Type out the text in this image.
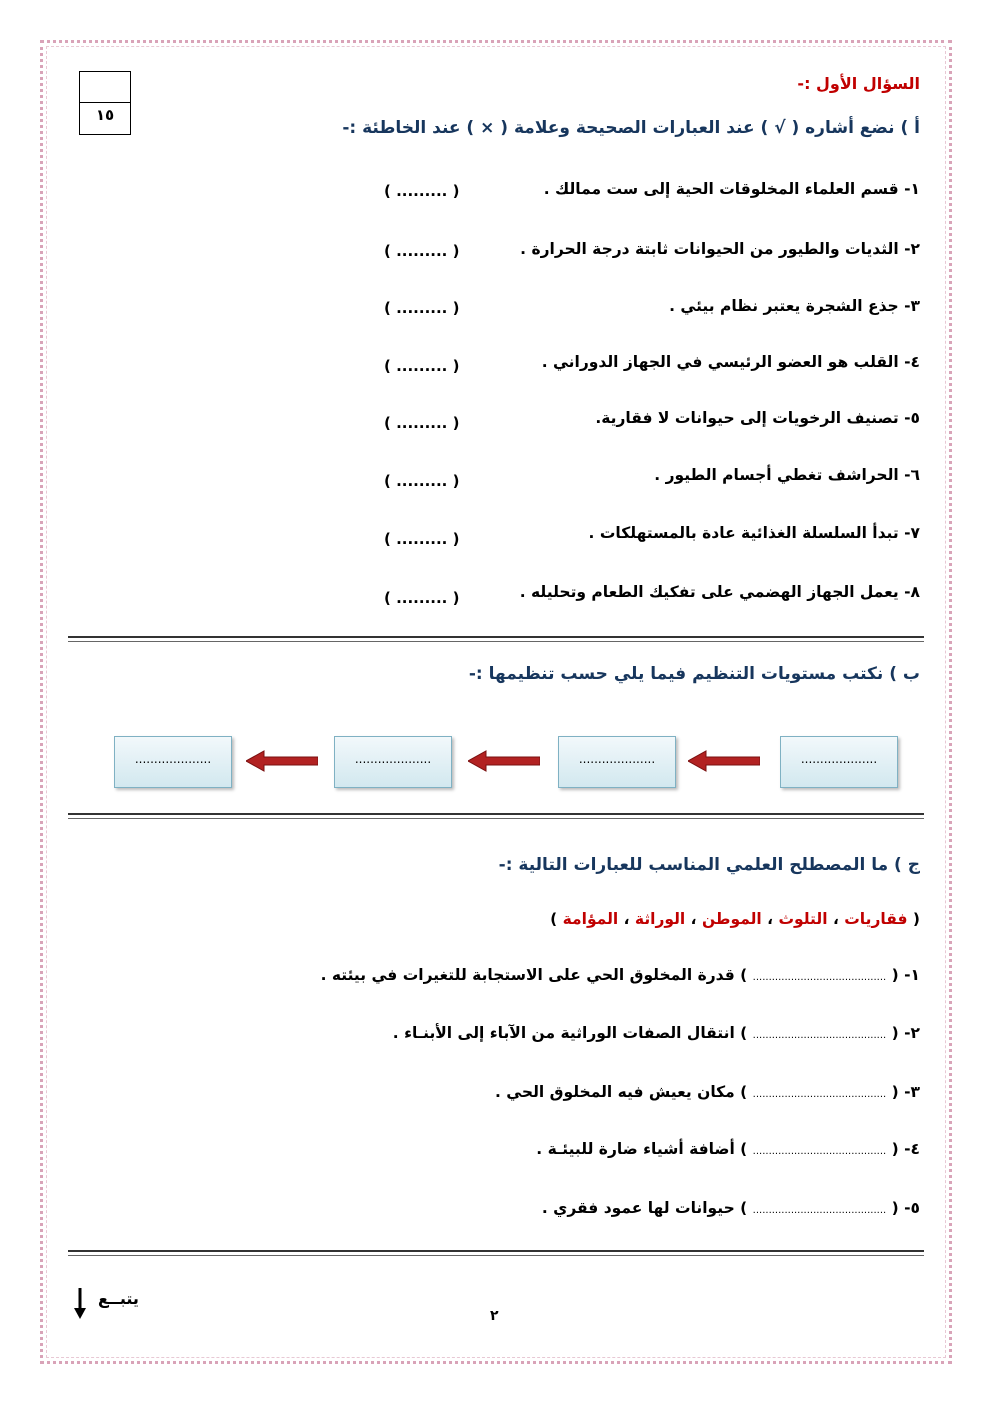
١٥
السؤال الأول :-
أ ) نضع أشاره ( √ ) عند العبارات الصحيحة وعلامة ( × ) عند الخاطئة :-
١- قسم العلماء المخلوقات الحية إلى ست ممالك .
( ......... )
٢- الثديات والطيور من الحيوانات ثابتة درجة الحرارة .
( ......... )
٣- جذع الشجرة يعتبر نظام بيئي .
( ......... )
٤- القلب هو العضو الرئيسي في الجهاز الدوراني .
( ......... )
٥- تصنيف الرخويات إلى حيوانات لا فقارية.
( ......... )
٦- الحراشف تغطي أجسام الطيور .
( ......... )
٧- تبدأ السلسلة الغذائية عادة بالمستهلكات .
( ......... )
٨- يعمل الجهاز الهضمي على تفكيك الطعام وتحليله .
( ......... )
ب ) نكتب مستويات التنظيم فيما يلي حسب تنظيمها :-
....................
....................
....................
....................
ج ) ما المصطلح العلمي المناسب للعبارات التالية :-
( فقاريات ، التلوث ، الموطن ، الوراثة ، المؤامة )
١- ( .......................................... ) قدرة المخلوق الحي على الاستجابة للتغيرات في بيئته .
٢- ( .......................................... ) انتقال الصفات الوراثية من الآباء إلى الأبنـاء .
٣- ( .......................................... ) مكان يعيش فيه المخلوق الحي .
٤- ( .......................................... ) أضافة أشياء ضارة للبيئـة .
٥- ( .......................................... ) حيوانات لها عمود فقري .
يتبــع
٢
